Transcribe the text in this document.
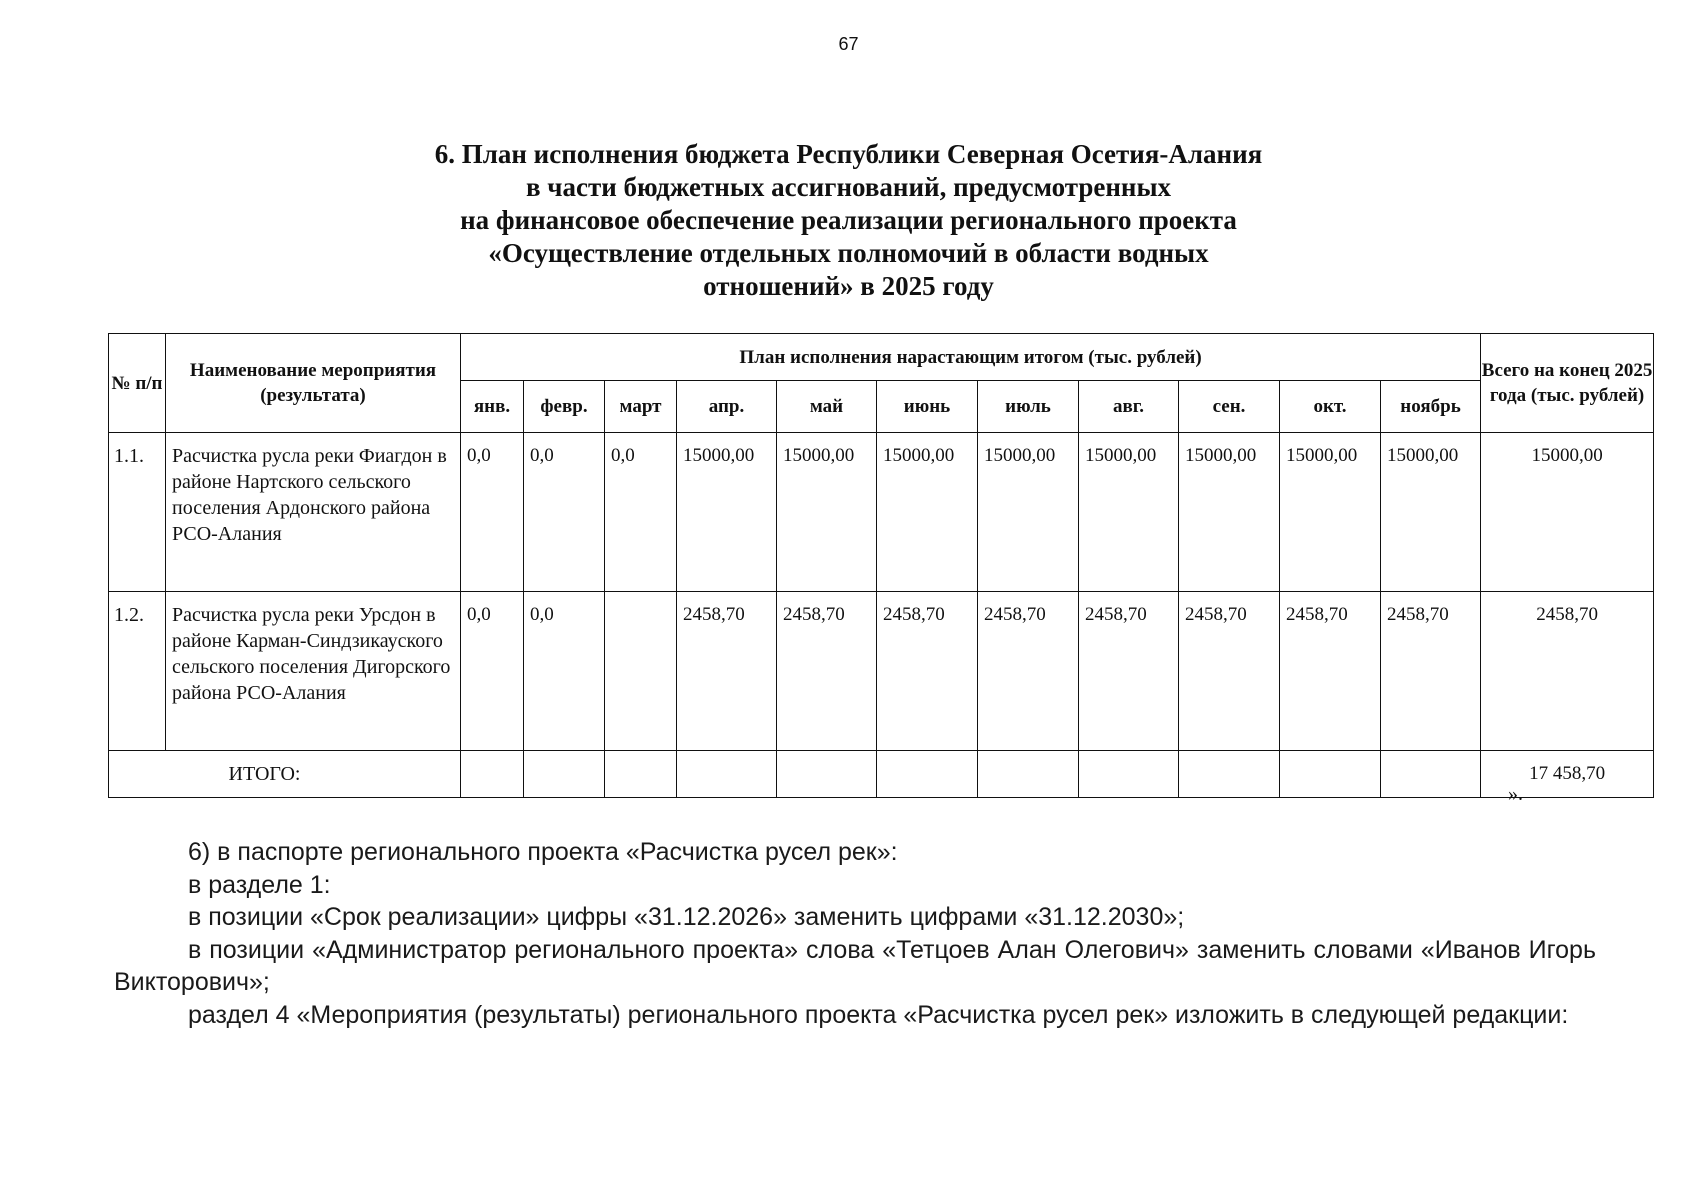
67
6. План исполнения бюджета Республики Северная Осетия-Алания
в части бюджетных ассигнований, предусмотренных
на финансовое обеспечение реализации регионального проекта
«Осуществление отдельных полномочий в области водных
отношений» в 2025 году
№ п/п	Наименование мероприятия (результата)	План исполнения нарастающим итогом (тыс. рублей)											Всего на конец 2025 года (тыс. рублей)
		янв.	февр.	март	апр.	май	июнь	июль	авг.	сен.	окт.	ноябрь	
1.1.	Расчистка русла реки Фиагдон в районе Нартского сельского поселения Ардонского района РСО-Алания	0,0	0,0	0,0	15000,00	15000,00	15000,00	15000,00	15000,00	15000,00	15000,00	15000,00	15000,00
1.2.	Расчистка русла реки Урсдон в районе Карман-Синдзикауского сельского поселения Дигорского района РСО-Алания	0,0	0,0		2458,70	2458,70	2458,70	2458,70	2458,70	2458,70	2458,70	2458,70	2458,70
ИТОГО:													17 458,70
».

6) в паспорте регионального проекта «Расчистка русел рек»:

в разделе 1:

в позиции «Срок реализации» цифры «31.12.2026» заменить цифрами «31.12.2030»;

в позиции «Администратор регионального проекта» слова «Тетцоев Алан Олегович» заменить словами «Иванов Игорь Викторович»;

раздел 4 «Мероприятия (результаты) регионального проекта «Расчистка русел рек» изложить в следующей редакции:
